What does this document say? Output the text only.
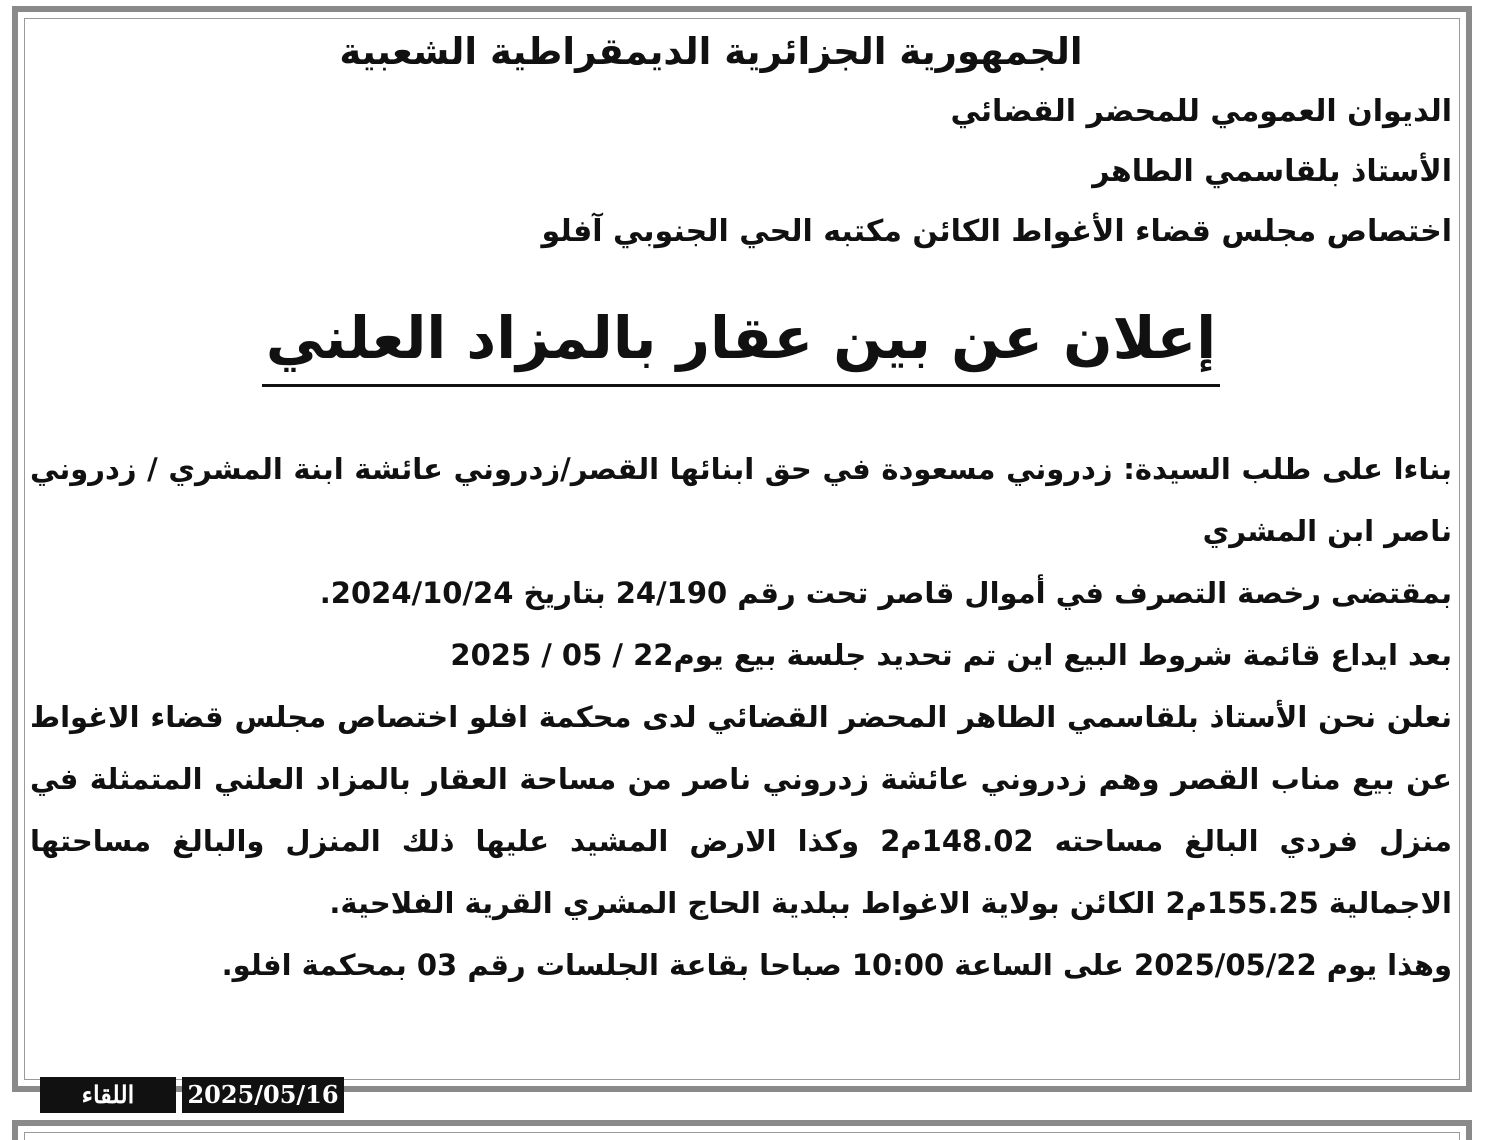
الجمهورية الجزائرية الديمقراطية الشعبية
الديوان العمومي للمحضر القضائي
الأستاذ بلقاسمي الطاهر
اختصاص مجلس قضاء الأغواط الكائن مكتبه الحي الجنوبي آفلو
إعلان عن بين عقار بالمزاد العلني
بناءا على طلب السيدة: زدروني مسعودة في حق ابنائها القصر/زدروني عائشة ابنة المشري / زدروني ناصر ابن المشري
بمقتضى رخصة التصرف في أموال قاصر تحت رقم 24/190 بتاريخ 2024/10/24.
بعد ايداع قائمة شروط البيع اين تم تحديد جلسة بيع يوم22 / 05 / 2025
نعلن نحن الأستاذ بلقاسمي الطاهر المحضر القضائي لدى محكمة افلو اختصاص مجلس قضاء الاغواط عن بيع مناب القصر وهم زدروني عائشة زدروني ناصر من مساحة العقار بالمزاد العلني المتمثلة في منزل فردي البالغ مساحته 148.02م2 وكذا الارض المشيد عليها ذلك المنزل والبالغ مساحتها الاجمالية 155.25م2 الكائن بولاية الاغواط ببلدية الحاج المشري القرية الفلاحية.
وهذا يوم 2025/05/22 على الساعة 10:00 صباحا بقاعة الجلسات رقم 03 بمحكمة افلو.
اللقاء	2025/05/16
